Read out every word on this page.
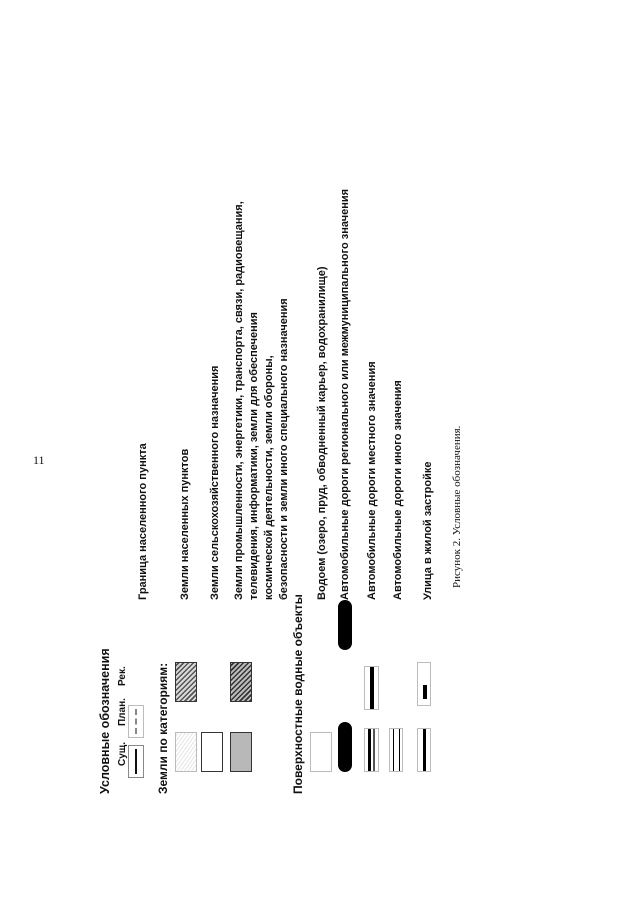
11
Условные обозначения Сущ.
План.
Рек.
Граница населенного пункта
Земли по категориям:
Земли населенных пунктов Земли сельскохозяйственного назначения Земли промышленности, энергетики, транспорта, связи, радиовещания, телевидения, информатики, земли для обеспечения космической деятельности, земли обороны, безопасности и земли иного специального назначения
Поверхностные водные объекты
Водоем (озеро, пруд, обводненный карьер, водохранилище) Автомобильные дороги регионального или межмуниципального значения Автомобильные дороги местного значения Автомобильные дороги иного значения Улица в жилой застройке Рисунок 2. Условные обозначения.
